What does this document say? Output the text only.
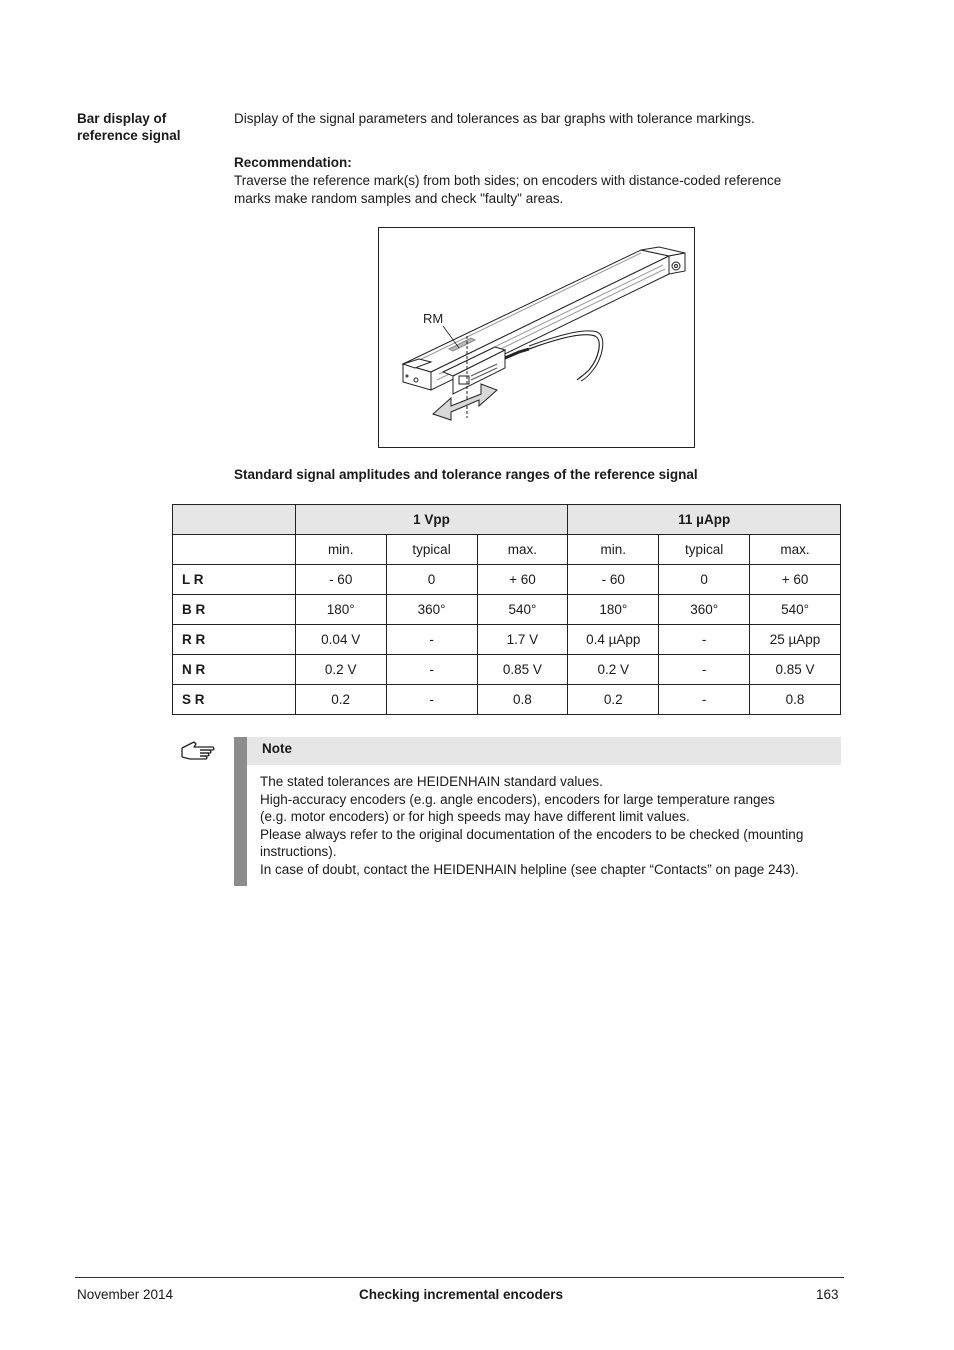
Bar display of
reference signal
Display of the signal parameters and tolerances as bar graphs with tolerance markings.
Recommendation:
Traverse the reference mark(s) from both sides; on encoders with distance-coded reference
marks make random samples and check "faulty" areas.
RM
Standard signal amplitudes and tolerance ranges of the reference signal
	1 Vpp			11 µApp		
	min.	typical	max.	min.	typical	max.
L R	- 60	0	+ 60	- 60	0	+ 60
B R	180°	360°	540°	180°	360°	540°
R R	0.04 V	-	1.7 V	0.4 µApp	-	25 µApp
N R	0.2 V	-	0.85 V	0.2 V	-	0.85 V
S R	0.2	-	0.8	0.2	-	0.8
Note
The stated tolerances are HEIDENHAIN standard values.
High-accuracy encoders (e.g. angle encoders), encoders for large temperature ranges
(e.g. motor encoders) or for high speeds may have different limit values.
Please always refer to the original documentation of the encoders to be checked (mounting
instructions).
In case of doubt, contact the HEIDENHAIN helpline (see chapter “Contacts” on page 243).
November 2014	Checking incremental encoders	163
